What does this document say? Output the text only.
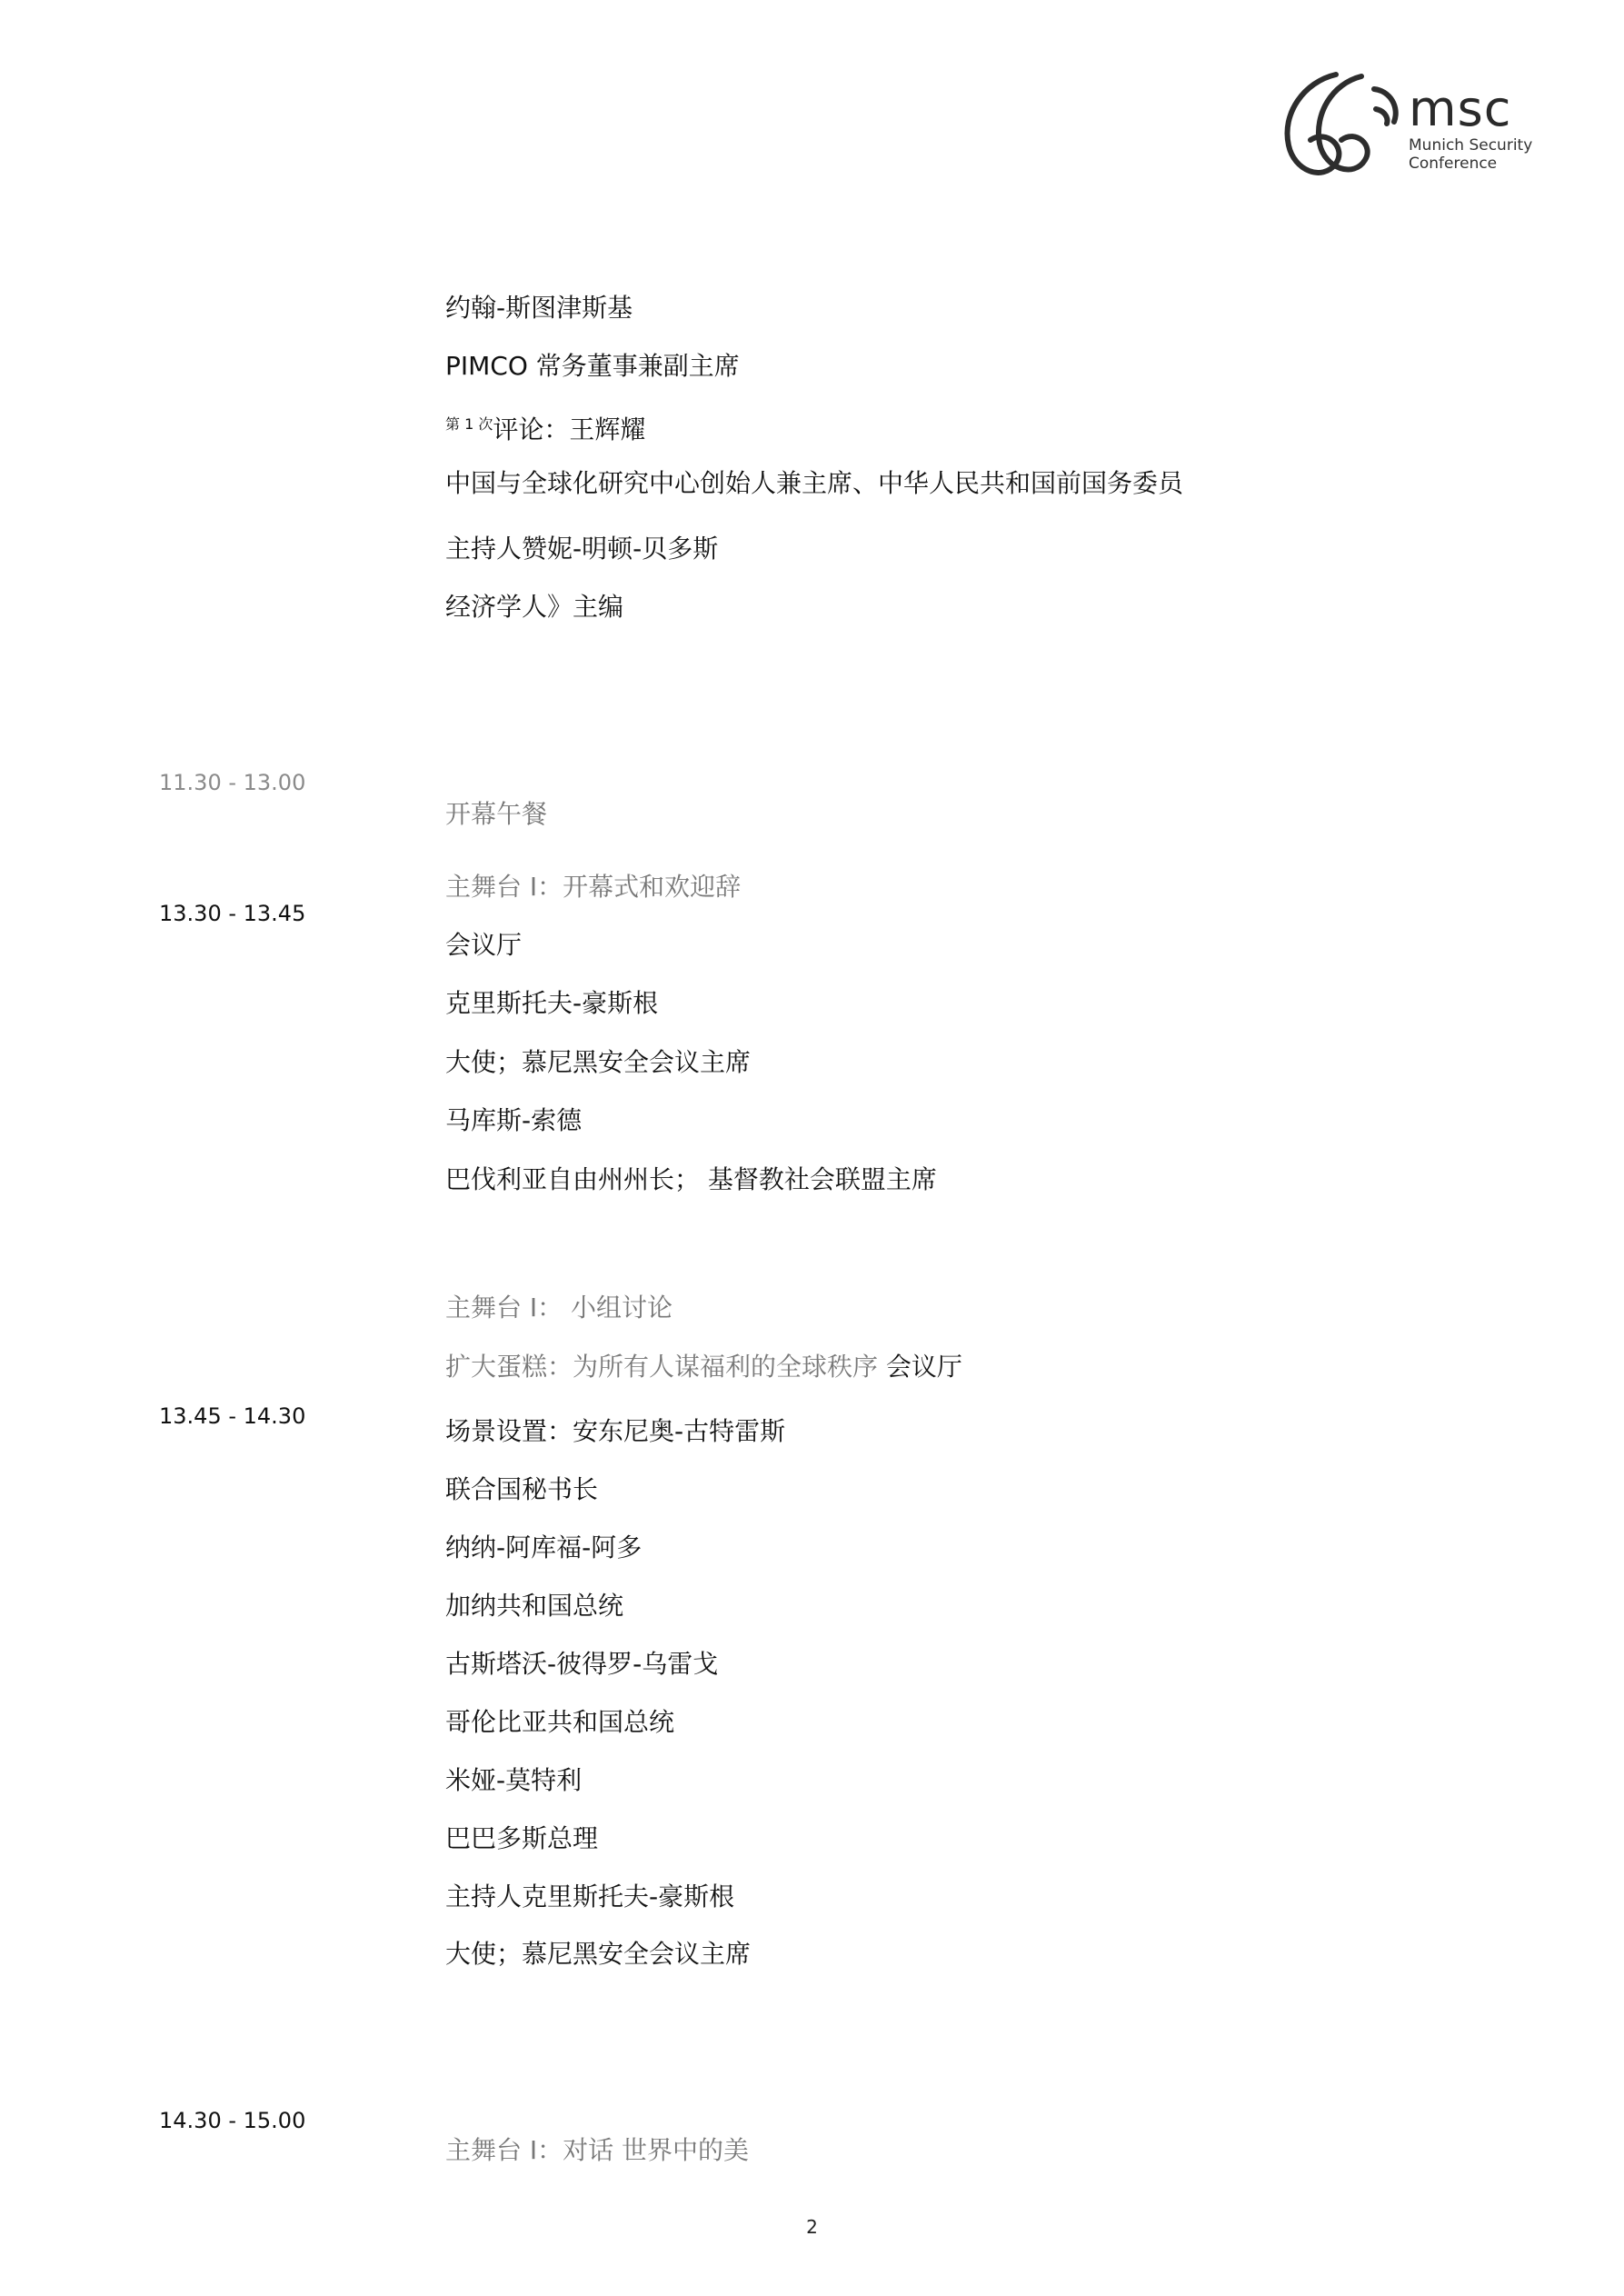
msc
Munich Security
Conference
约翰-斯图津斯基
PIMCO 常务董事兼副主席
$^{第 1 次}$评论：王辉耀
中国与全球化研究中心创始人兼主席、中华人民共和国前国务委员
主持人赞妮-明顿-贝多斯
经济学人》主编
11.30 - 13.00
开幕午餐
主舞台 I：开幕式和欢迎辞
13.30 - 13.45
会议厅
克里斯托夫-豪斯根
大使；慕尼黑安全会议主席
马库斯-索德
巴伐利亚自由州州长； 基督教社会联盟主席
主舞台 I： 小组讨论
扩大蛋糕：为所有人谋福利的全球秩序 会议厅
13.45 - 14.30	场景设置：安东尼奥-古特雷斯
联合国秘书长
纳纳-阿库福-阿多
加纳共和国总统
古斯塔沃-彼得罗-乌雷戈
哥伦比亚共和国总统
米娅-莫特利
巴巴多斯总理
主持人克里斯托夫-豪斯根
大使；慕尼黑安全会议主席
14.30 - 15.00
主舞台 I：对话 世界中的美
2
